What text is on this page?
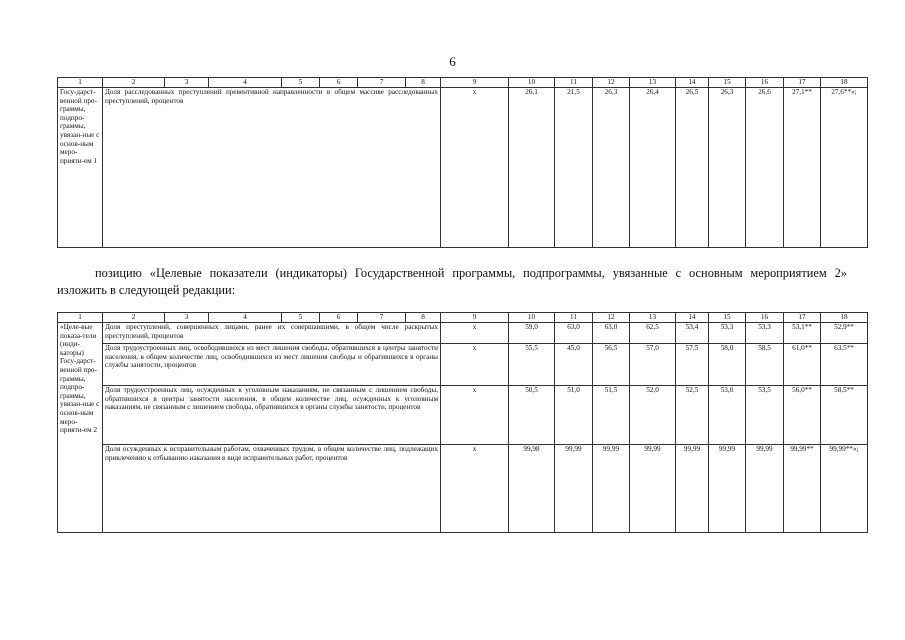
6
1	2	3	4	5	6	7	8	9	10	11	12	13	14	15	16	17	18
Госу-дарст-венной про-граммы, подпро-граммы, увязан-ные с основ-ным меро-прияти-ем 1	Доля расследованных преступлений превентивной направленности в общем массиве расследованных преступлений, процентов							x	26,1	21,5	26,3	26,4	26,5	26,3	26,6	27,1**	27,6**»;
позицию «Целевые показатели (индикаторы) Государственной программы, подпрограммы, увязанные с основным мероприятием 2» изложить в следующей редакции:
1	2	3	4	5	6	7	8	9	10	11	12	13	14	15	16	17	18
«Целе-вые показа-тели (инди-каторы) Госу-дарст-венной про-граммы, подпро-граммы, увязан-ные с основ-ным меро-прияти-ем 2	Доля преступлений, совершенных лицами, ранее их совершавшими, в общем числе раскрытых преступлений, процентов							x	59,0	63,0	63,0	62,5	53,4	53,3	53,3	53,1**	52,9**
	Доля трудоустроенных лиц, освободившихся из мест лишения свободы, обратившихся в центры занятости населения, в общем количестве лиц, освободившихся из мест лишения свободы и обратившихся в органы службы занятости, процентов							x	55,5	45,0	56,5	57,0	57,5	58,0	58,5	61,0**	63,5**
	Доля трудоустроенных лиц, осужденных к уголовным наказаниям, не связанным с лишением свободы, обратившихся в центры занятости населения, в общем количестве лиц, осужденных к уголовным наказаниям, не связанным с лишением свободы, обратившихся в органы службы занятости, процентов							x	50,5	51,0	51,5	52,0	52,5	53,0	53,5	56,0**	58,5**
	Доля осужденных к исправительным работам, охваченных трудом, в общем количестве лиц, подлежащих привлечению к отбыванию наказания в виде исправительных работ, процентов							x	99,98	99,99	99,99	99,99	99,99	99,99	99,99	99,99**	99,99**»;
